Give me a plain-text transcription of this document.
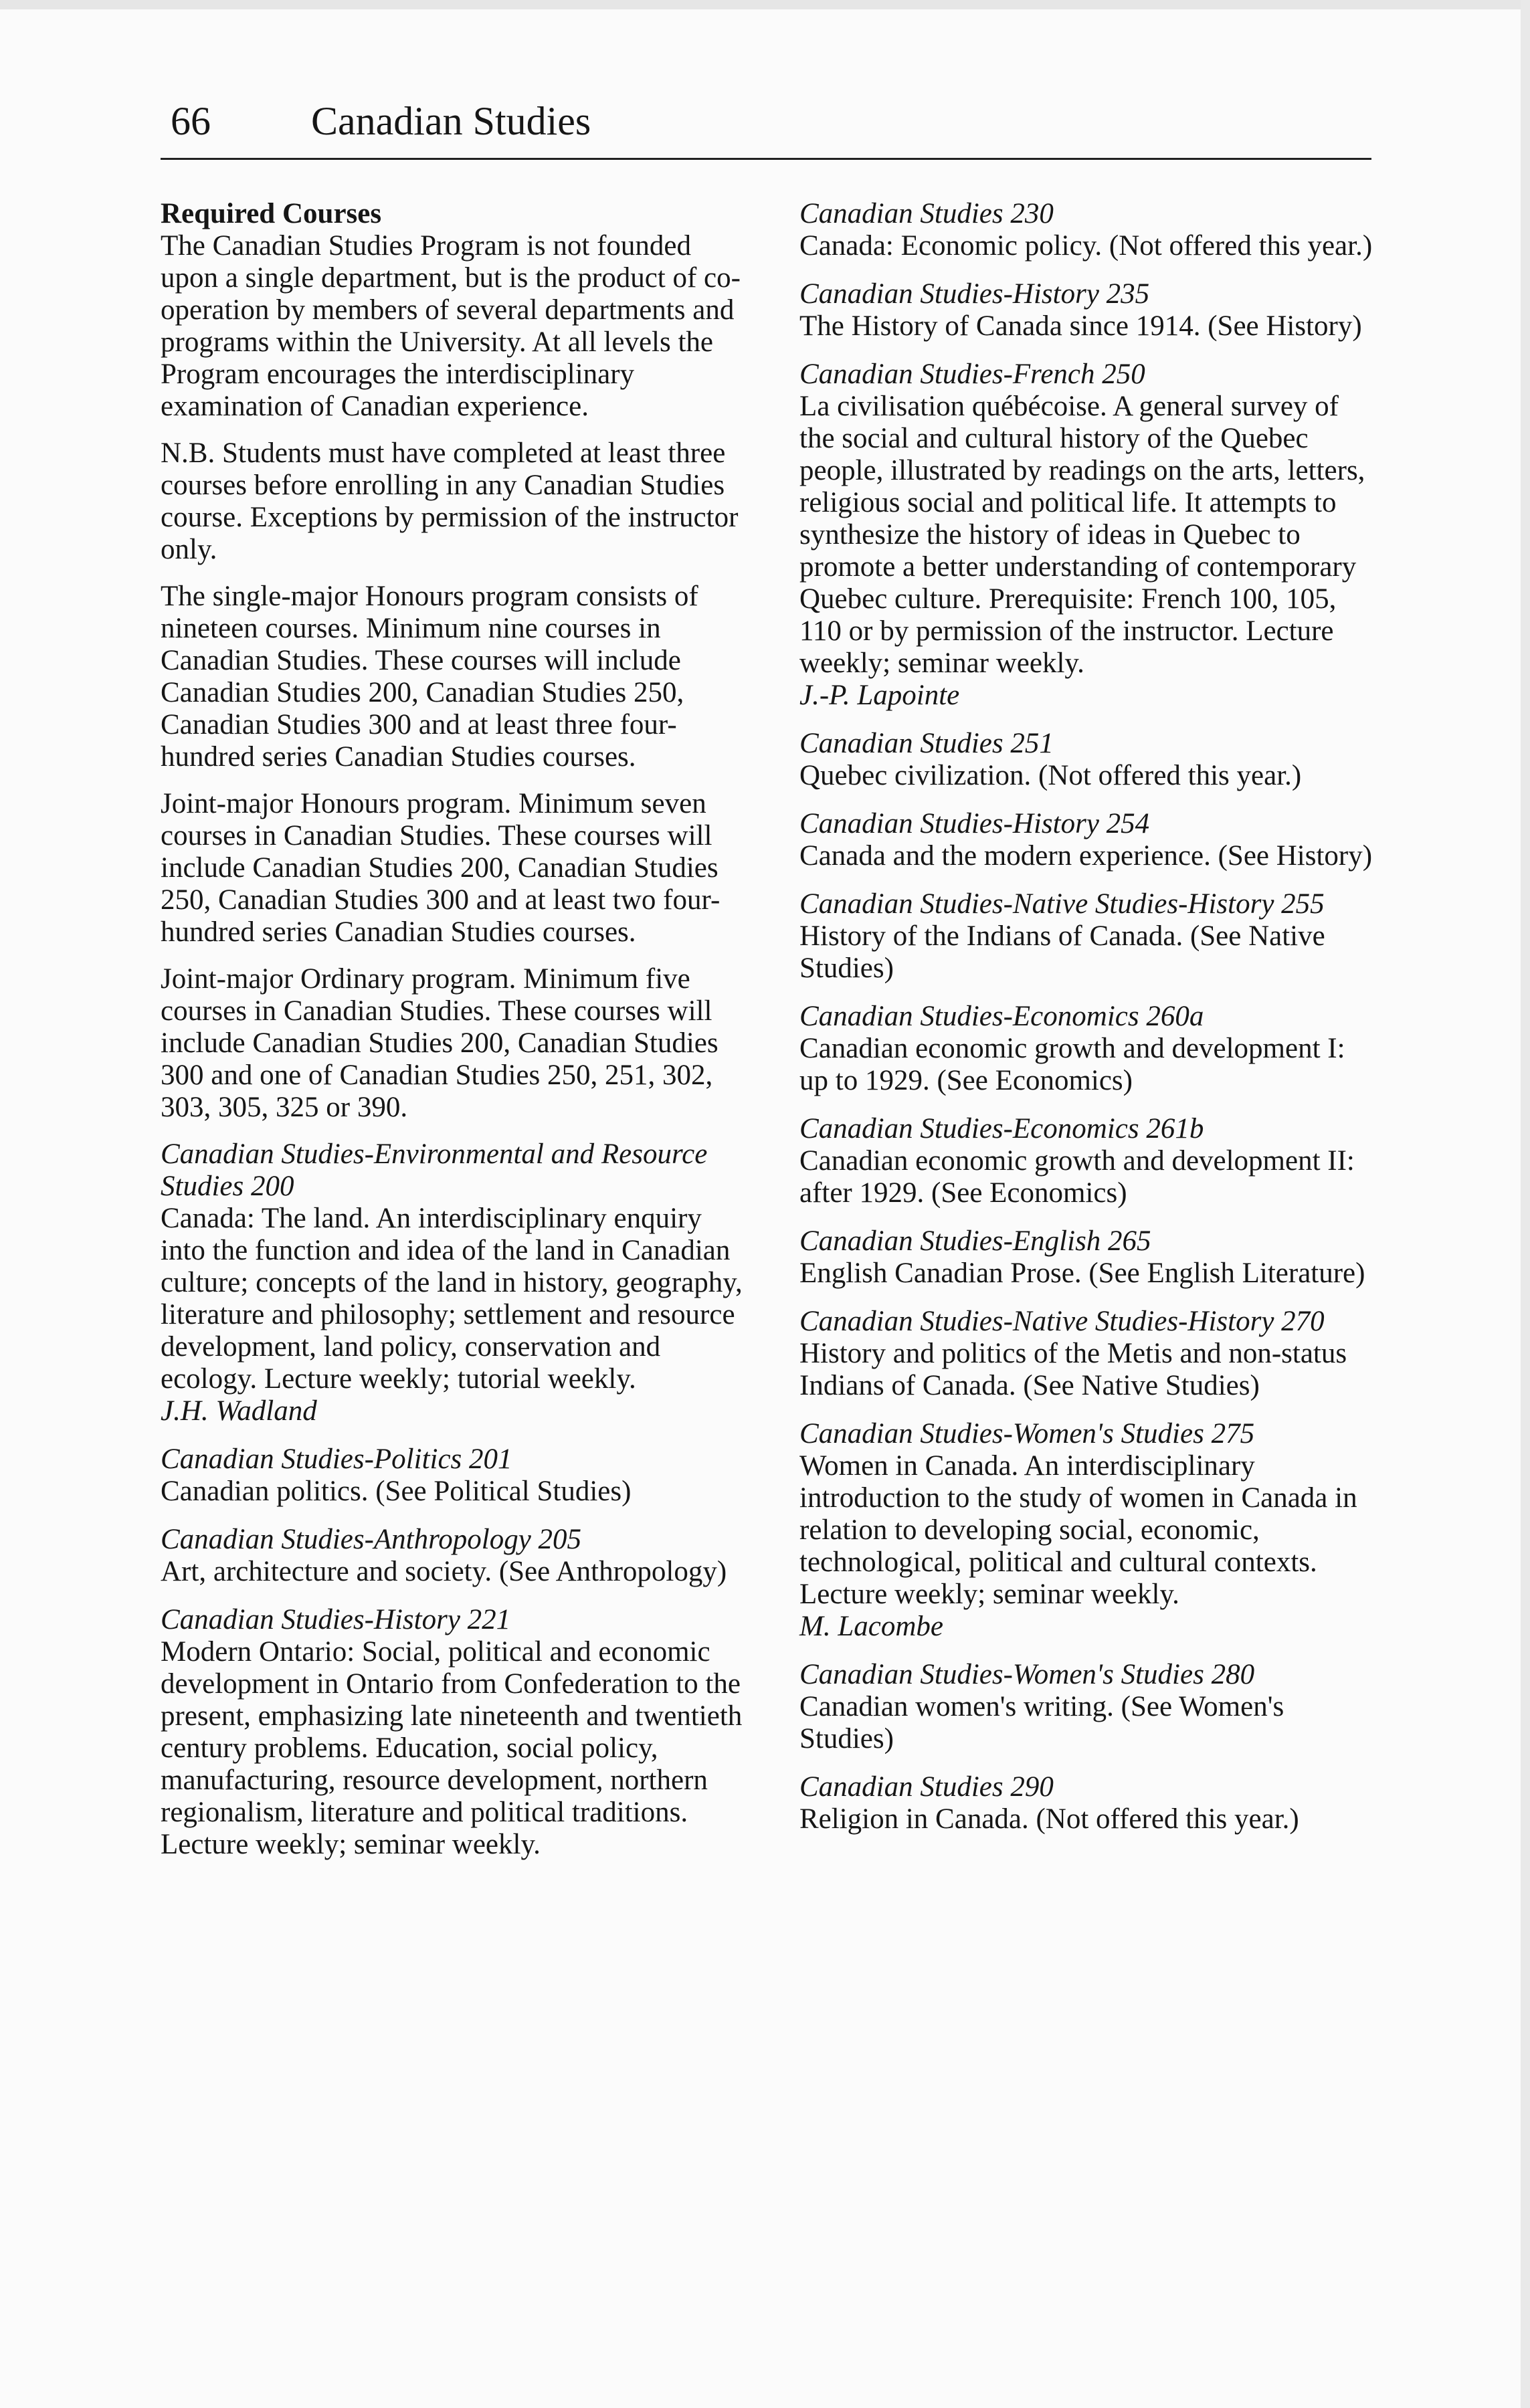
66	Canadian Studies

Required Courses

The Canadian Studies Program is not founded upon a single department, but is the product of co-operation by members of several departments and programs within the University. At all levels the Program encourages the interdisciplinary examination of Canadian experience.

N.B. Students must have completed at least three courses before enrolling in any Canadian Studies course. Exceptions by permission of the instructor only.

The single-major Honours program consists of nineteen courses. Minimum nine courses in Canadian Studies. These courses will include Canadian Studies 200, Canadian Studies 250, Canadian Studies 300 and at least three four-hundred series Canadian Studies courses.

Joint-major Honours program. Minimum seven courses in Canadian Studies. These courses will include Canadian Studies 200, Canadian Studies 250, Canadian Studies 300 and at least two four-hundred series Canadian Studies courses.

Joint-major Ordinary program. Minimum five courses in Canadian Studies. These courses will include Canadian Studies 200, Canadian Studies 300 and one of Canadian Studies 250, 251, 302, 303, 305, 325 or 390.

Canadian Studies-Environmental and Resource Studies 200
Canada: The land. An interdisciplinary enquiry into the function and idea of the land in Canadian culture; concepts of the land in history, geography, literature and philosophy; settlement and resource development, land policy, conservation and ecology. Lecture weekly; tutorial weekly.
J.H. Wadland
Canadian Studies-Politics 201
Canadian politics. (See Political Studies)
Canadian Studies-Anthropology 205
Art, architecture and society. (See Anthropology)
Canadian Studies-History 221
Modern Ontario: Social, political and economic development in Ontario from Confederation to the present, emphasizing late nineteenth and twentieth century problems. Education, social policy, manufacturing, resource development, northern regionalism, literature and political traditions. Lecture weekly; seminar weekly.
Canadian Studies 230
Canada: Economic policy. (Not offered this year.)
Canadian Studies-History 235
The History of Canada since 1914. (See History)
Canadian Studies-French 250
La civilisation québécoise. A general survey of the social and cultural history of the Quebec people, illustrated by readings on the arts, letters, religious social and political life. It attempts to synthesize the history of ideas in Quebec to promote a better understanding of contemporary Quebec culture. Prerequisite: French 100, 105, 110 or by permission of the instructor. Lecture weekly; seminar weekly.
J.-P. Lapointe
Canadian Studies 251
Quebec civilization. (Not offered this year.)
Canadian Studies-History 254
Canada and the modern experience. (See History)
Canadian Studies-Native Studies-History 255
History of the Indians of Canada. (See Native Studies)
Canadian Studies-Economics 260a
Canadian economic growth and development I: up to 1929. (See Economics)
Canadian Studies-Economics 261b
Canadian economic growth and development II: after 1929. (See Economics)
Canadian Studies-English 265
English Canadian Prose. (See English Literature)
Canadian Studies-Native Studies-History 270
History and politics of the Metis and non-status Indians of Canada. (See Native Studies)
Canadian Studies-Women's Studies 275
Women in Canada. An interdisciplinary introduction to the study of women in Canada in relation to developing social, economic, technological, political and cultural contexts. Lecture weekly; seminar weekly.
M. Lacombe
Canadian Studies-Women's Studies 280
Canadian women's writing. (See Women's Studies)
Canadian Studies 290
Religion in Canada. (Not offered this year.)
